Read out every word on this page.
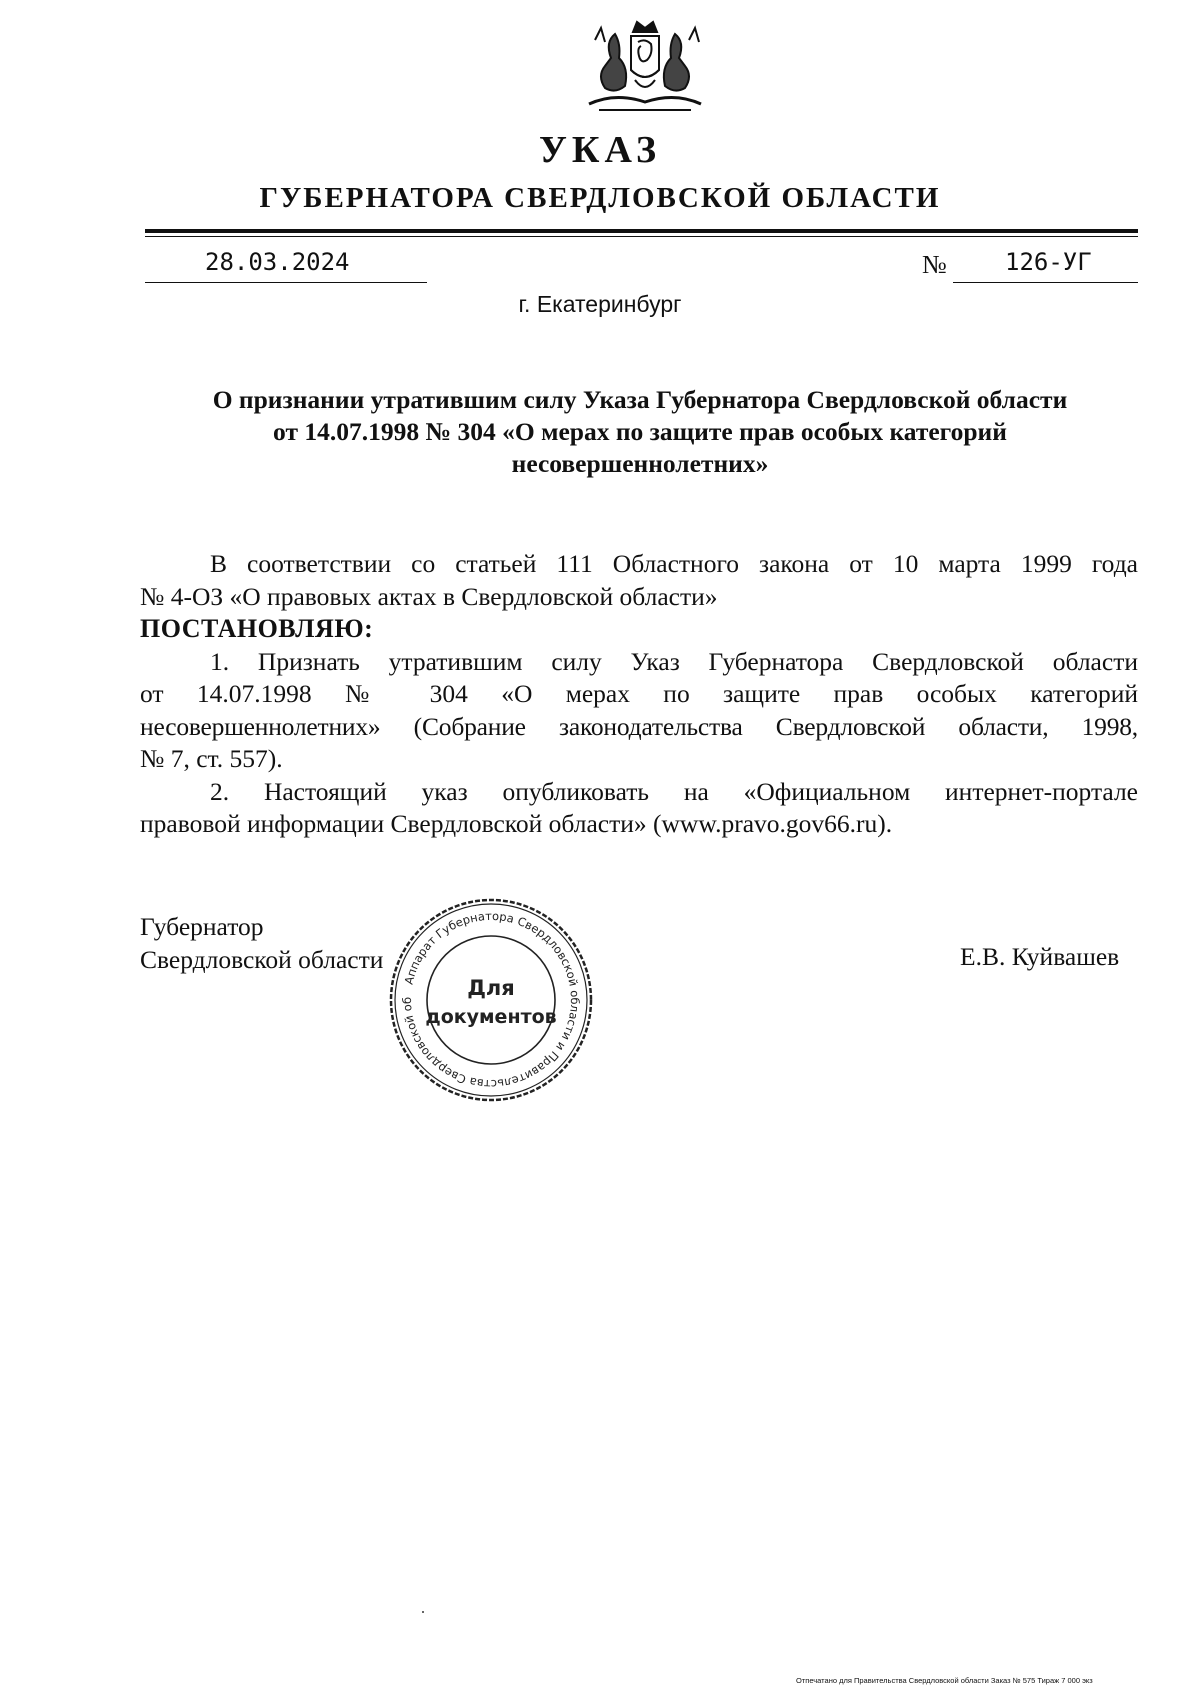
УКАЗ
ГУБЕРНАТОРА СВЕРДЛОВСКОЙ ОБЛАСТИ
28.03.2024	№ 126-УГ
г. Екатеринбург
О признании утратившим силу Указа Губернатора Свердловской области
от 14.07.1998 № 304 «О мерах по защите прав особых категорий
несовершеннолетних»

В соответствии со статьей 111 Областного закона от 10 марта 1999 года

№ 4-ОЗ «О правовых актах в Свердловской области»

ПОСТАНОВЛЯЮ:

1. Признать утратившим силу Указ Губернатора Свердловской области

от 14.07.1998 № 304 «О мерах по защите прав особых категорий

несовершеннолетних» (Собрание законодательства Свердловской области, 1998,

№ 7, ст. 557).

2. Настоящий указ опубликовать на «Официальном интернет-портале

правовой информации Свердловской области» (www.pravo.gov66.ru).

Губернатор
Свердловской области	Е.В. Куйвашев
Аппарат Губернатора Свердловской области и Правительства Свердловской об
Для
документов
Отпечатано для Правительства Свердловской области Заказ № 575 Тираж 7 000 экз
